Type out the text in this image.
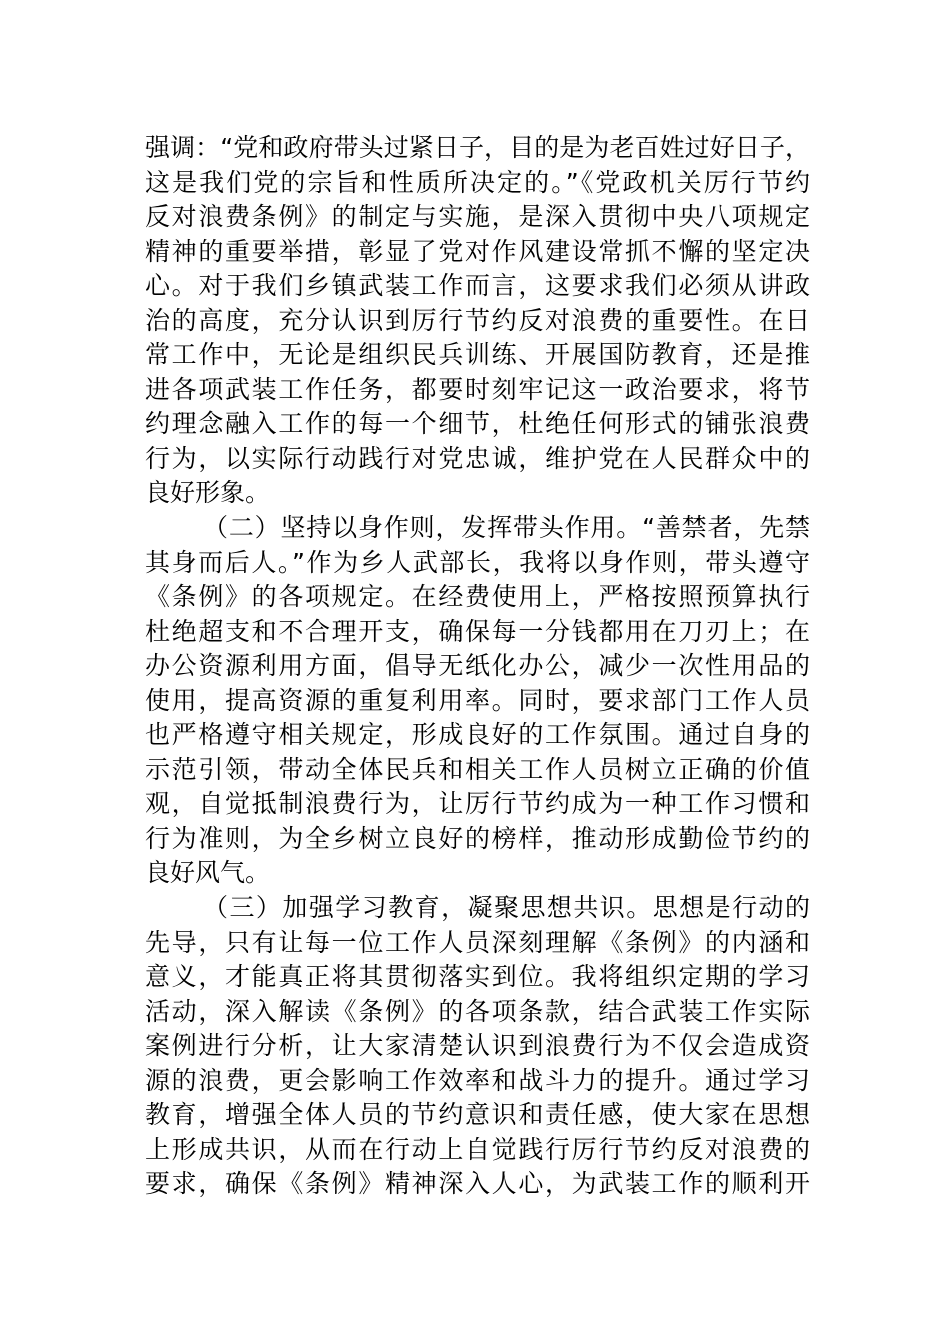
强调：“党和政府带头过紧日子，目的是为老百姓过好日子，
这是我们党的宗旨和性质所决定的。”《党政机关厉行节约
反对浪费条例》的制定与实施，是深入贯彻中央八项规定
精神的重要举措，彰显了党对作风建设常抓不懈的坚定决
心。对于我们乡镇武装工作而言，这要求我们必须从讲政
治的高度，充分认识到厉行节约反对浪费的重要性。在日
常工作中，无论是组织民兵训练、开展国防教育，还是推
进各项武装工作任务，都要时刻牢记这一政治要求，将节
约理念融入工作的每一个细节，杜绝任何形式的铺张浪费
行为，以实际行动践行对党忠诚，维护党在人民群众中的
良好形象。
（二）坚持以身作则，发挥带头作用。“善禁者，先禁
其身而后人。”作为乡人武部长，我将以身作则，带头遵守
《条例》的各项规定。在经费使用上，严格按照预算执行
杜绝超支和不合理开支，确保每一分钱都用在刀刃上；在
办公资源利用方面，倡导无纸化办公，减少一次性用品的
使用，提高资源的重复利用率。同时，要求部门工作人员
也严格遵守相关规定，形成良好的工作氛围。通过自身的
示范引领，带动全体民兵和相关工作人员树立正确的价值
观，自觉抵制浪费行为，让厉行节约成为一种工作习惯和
行为准则，为全乡树立良好的榜样，推动形成勤俭节约的
良好风气。
（三）加强学习教育，凝聚思想共识。思想是行动的
先导，只有让每一位工作人员深刻理解《条例》的内涵和
意义，才能真正将其贯彻落实到位。我将组织定期的学习
活动，深入解读《条例》的各项条款，结合武装工作实际
案例进行分析，让大家清楚认识到浪费行为不仅会造成资
源的浪费，更会影响工作效率和战斗力的提升。通过学习
教育，增强全体人员的节约意识和责任感，使大家在思想
上形成共识，从而在行动上自觉践行厉行节约反对浪费的
要求，确保《条例》精神深入人心，为武装工作的顺利开
